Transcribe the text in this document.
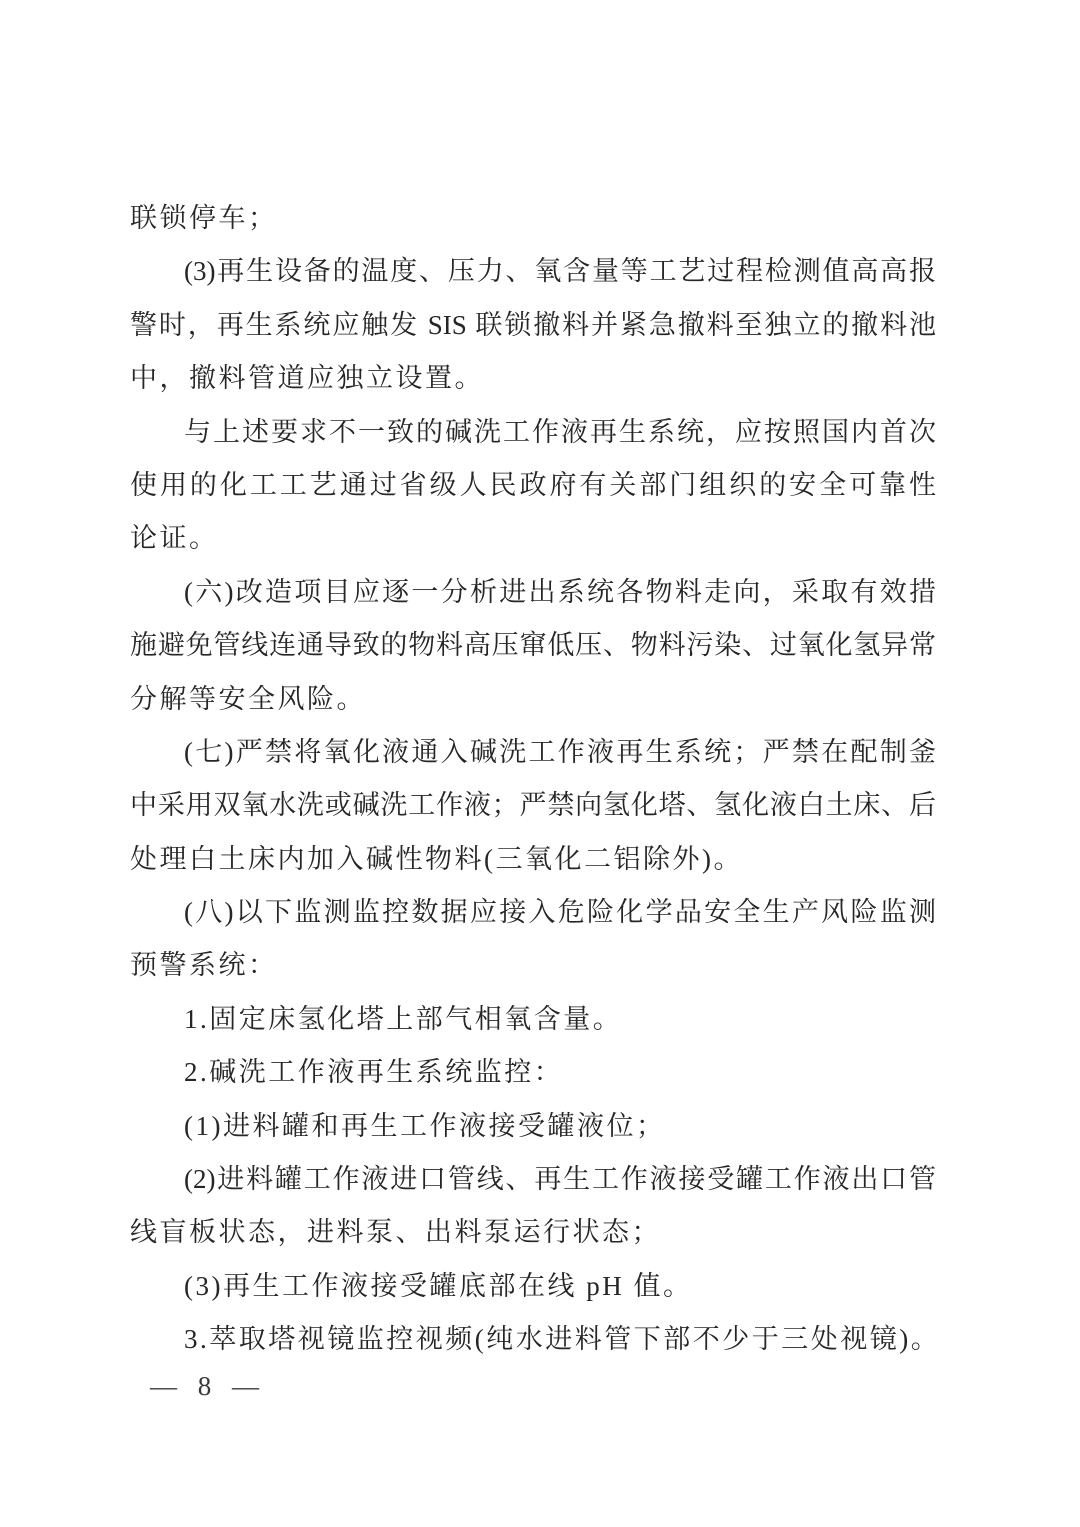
联锁停车；
(3)再生设备的温度、压力、氧含量等工艺过程检测值高高报
警时，再生系统应触发 SIS 联锁撤料并紧急撤料至独立的撤料池
中，撤料管道应独立设置。
与上述要求不一致的碱洗工作液再生系统，应按照国内首次
使用的化工工艺通过省级人民政府有关部门组织的安全可靠性
论证。
(六)改造项目应逐一分析进出系统各物料走向，采取有效措
施避免管线连通导致的物料高压窜低压、物料污染、过氧化氢异常
分解等安全风险。
(七)严禁将氧化液通入碱洗工作液再生系统；严禁在配制釜
中采用双氧水洗或碱洗工作液；严禁向氢化塔、氢化液白土床、后
处理白土床内加入碱性物料(三氧化二铝除外)。
(八)以下监测监控数据应接入危险化学品安全生产风险监测
预警系统：
1.固定床氢化塔上部气相氧含量。
2.碱洗工作液再生系统监控：
(1)进料罐和再生工作液接受罐液位；
(2)进料罐工作液进口管线、再生工作液接受罐工作液出口管
线盲板状态，进料泵、出料泵运行状态；
(3)再生工作液接受罐底部在线 pH 值。
3.萃取塔视镜监控视频(纯水进料管下部不少于三处视镜)。
— 8 —
